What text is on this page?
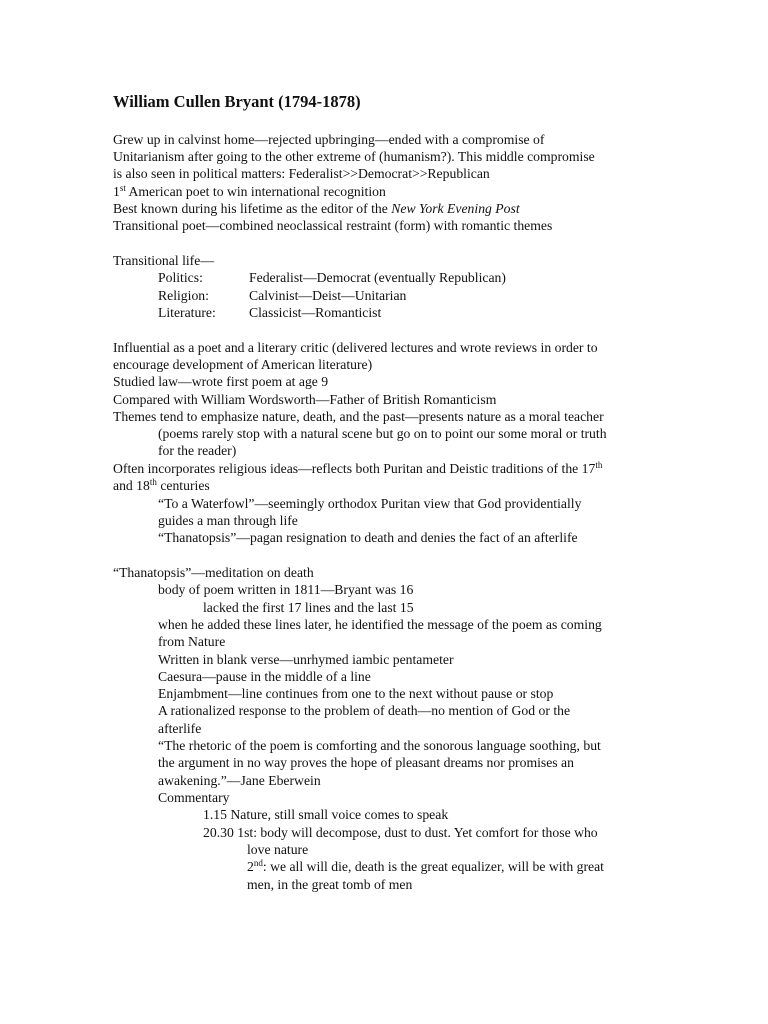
William Cullen Bryant (1794-1878)
Grew up in calvinst home—rejected upbringing—ended with a compromise of
Unitarianism after going to the other extreme of (humanism?). This middle compromise
is also seen in political matters: Federalist>>Democrat>>Republican
1st American poet to win international recognition
Best known during his lifetime as the editor of the New York Evening Post
Transitional poet—combined neoclassical restraint (form) with romantic themes
Transitional life—
Politics:	Federalist—Democrat (eventually Republican)
Religion:	Calvinist—Deist—Unitarian
Literature: Classicist—Romanticist
Influential as a poet and a literary critic (delivered lectures and wrote reviews in order to
encourage development of American literature)
Studied law—wrote first poem at age 9
Compared with William Wordsworth—Father of British Romanticism
Themes tend to emphasize nature, death, and the past—presents nature as a moral teacher
(poems rarely stop with a natural scene but go on to point our some moral or truth
for the reader)
Often incorporates religious ideas—reflects both Puritan and Deistic traditions of the 17th
and 18th centuries
“To a Waterfowl”—seemingly orthodox Puritan view that God providentially
guides a man through life
“Thanatopsis”—pagan resignation to death and denies the fact of an afterlife
“Thanatopsis”—meditation on death
body of poem written in 1811—Bryant was 16
lacked the first 17 lines and the last 15
when he added these lines later, he identified the message of the poem as coming
from Nature
Written in blank verse—unrhymed iambic pentameter
Caesura—pause in the middle of a line
Enjambment—line continues from one to the next without pause or stop
A rationalized response to the problem of death—no mention of God or the
afterlife
“The rhetoric of the poem is comforting and the sonorous language soothing, but
the argument in no way proves the hope of pleasant dreams nor promises an
awakening.”—Jane Eberwein
Commentary
1.15 Nature, still small voice comes to speak
20.30 1st: body will decompose, dust to dust. Yet comfort for those who
love nature
2nd: we all will die, death is the great equalizer, will be with great
men, in the great tomb of men
